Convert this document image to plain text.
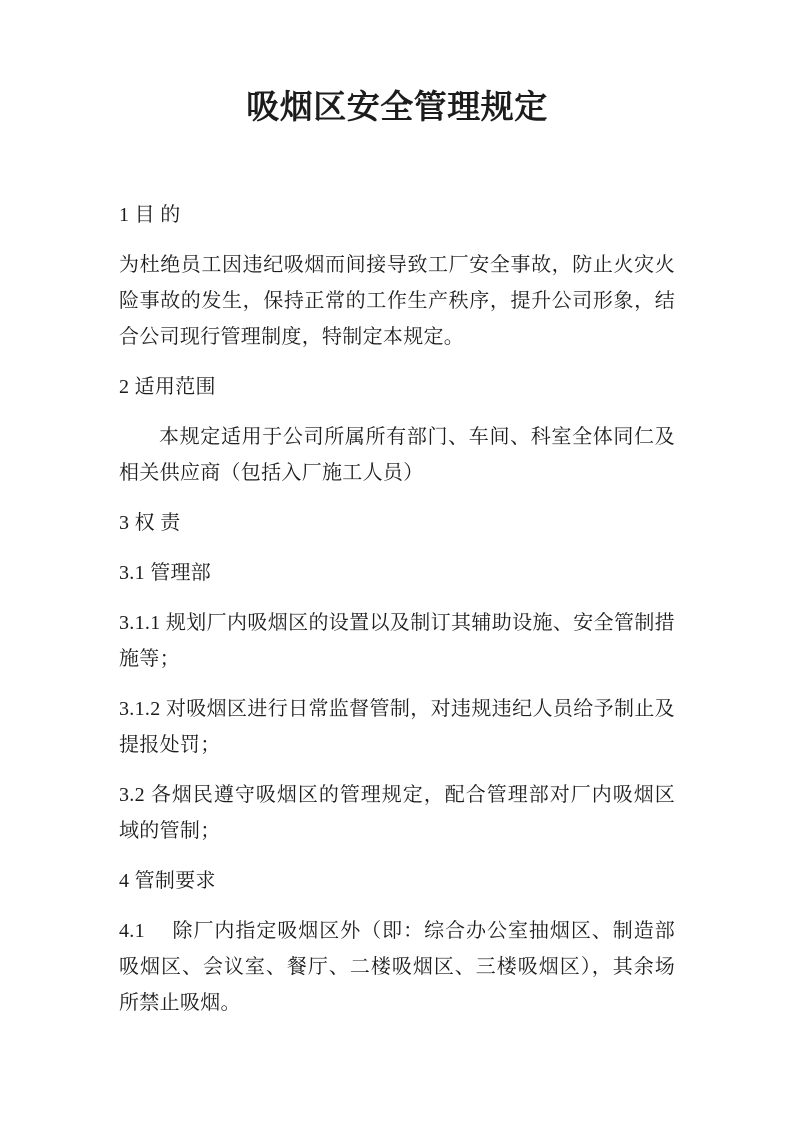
吸烟区安全管理规定

1 目 的

为杜绝员工因违纪吸烟而间接导致工厂安全事故，防止火灾火险事故的发生，保持正常的工作生产秩序，提升公司形象，结合公司现行管理制度，特制定本规定。

2 适用范围

本规定适用于公司所属所有部门、车间、科室全体同仁及相关供应商（包括入厂施工人员）

3 权 责

3.1 管理部

3.1.1 规划厂内吸烟区的设置以及制订其辅助设施、安全管制措施等；

3.1.2 对吸烟区进行日常监督管制，对违规违纪人员给予制止及提报处罚；

3.2 各烟民遵守吸烟区的管理规定，配合管理部对厂内吸烟区域的管制；

4 管制要求

4.1　 除厂内指定吸烟区外（即：综合办公室抽烟区、制造部吸烟区、会议室、餐厅、二楼吸烟区、三楼吸烟区），其余场所禁止吸烟。
